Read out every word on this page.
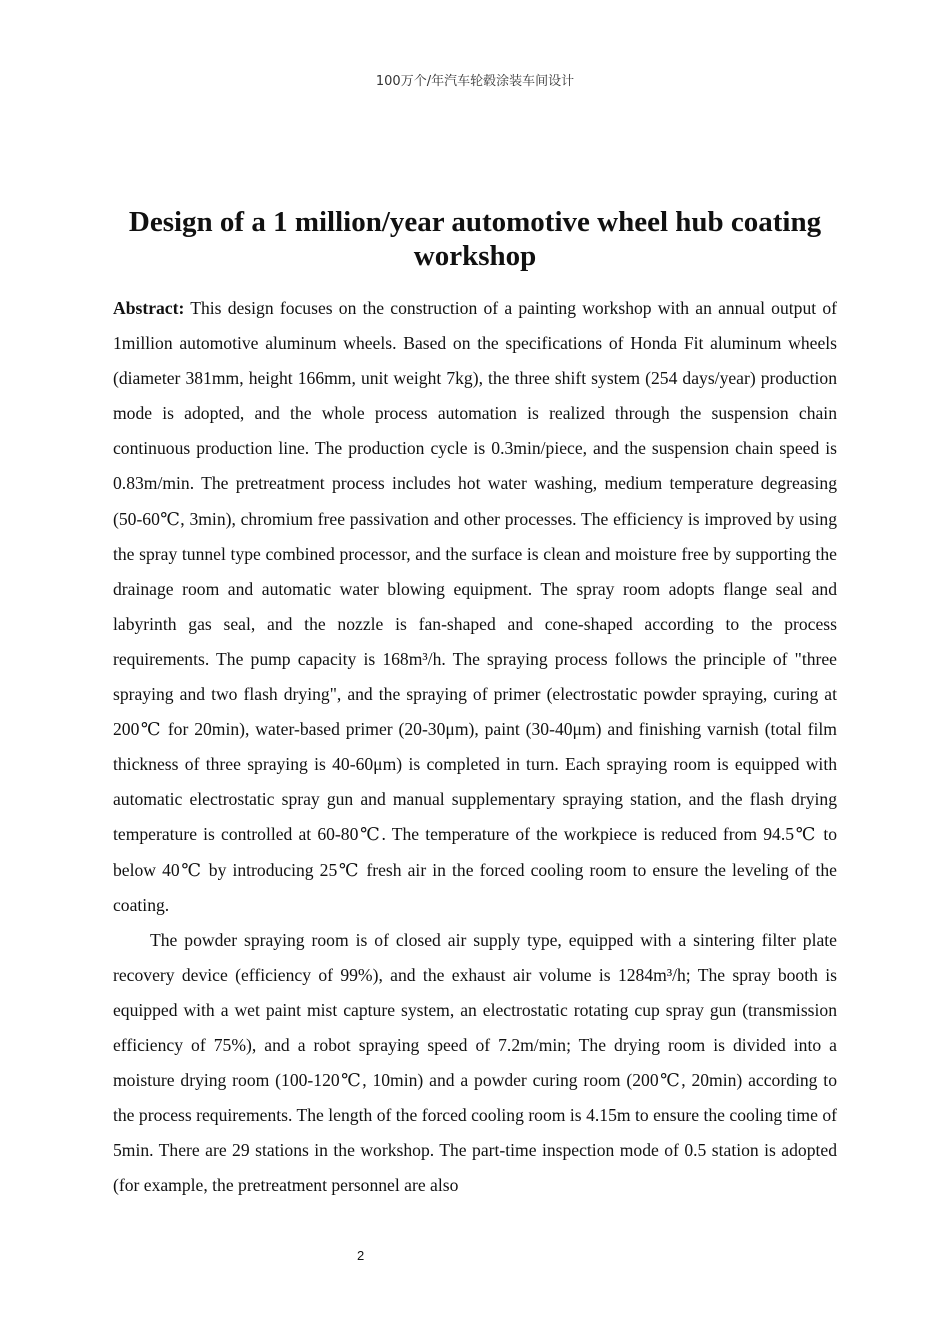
100万个/年汽车轮毂涂装车间设计
Design of a 1 million/year automotive wheel hub coating workshop

Abstract: This design focuses on the construction of a painting workshop with an annual output of 1million automotive aluminum wheels. Based on the specifications of Honda Fit aluminum wheels (diameter 381mm, height 166mm, unit weight 7kg), the three shift system (254 days/year) production mode is adopted, and the whole process automation is realized through the suspension chain continuous production line. The production cycle is 0.3min/piece, and the suspension chain speed is 0.83m/min. The pretreatment process includes hot water washing, medium temperature degreasing (50-60℃, 3min), chromium free passivation and other processes. The efficiency is improved by using the spray tunnel type combined processor, and the surface is clean and moisture free by supporting the drainage room and automatic water blowing equipment. The spray room adopts flange seal and labyrinth gas seal, and the nozzle is fan-shaped and cone-shaped according to the process requirements. The pump capacity is 168m³/h. The spraying process follows the principle of "three spraying and two flash drying", and the spraying of primer (electrostatic powder spraying, curing at 200℃ for 20min), water-based primer (20-30μm), paint (30-40μm) and finishing varnish (total film thickness of three spraying is 40-60μm) is completed in turn. Each spraying room is equipped with automatic electrostatic spray gun and manual supplementary spraying station, and the flash drying temperature is controlled at 60-80℃. The temperature of the workpiece is reduced from 94.5℃ to below 40℃ by introducing 25℃ fresh air in the forced cooling room to ensure the leveling of the coating.

The powder spraying room is of closed air supply type, equipped with a sintering filter plate recovery device (efficiency of 99%), and the exhaust air volume is 1284m³/h; The spray booth is equipped with a wet paint mist capture system, an electrostatic rotating cup spray gun (transmission efficiency of 75%), and a robot spraying speed of 7.2m/min; The drying room is divided into a moisture drying room (100-120℃, 10min) and a powder curing room (200℃, 20min) according to the process requirements. The length of the forced cooling room is 4.15m to ensure the cooling time of 5min. There are 29 stations in the workshop. The part-time inspection mode of 0.5 station is adopted (for example, the pretreatment personnel are also

2
